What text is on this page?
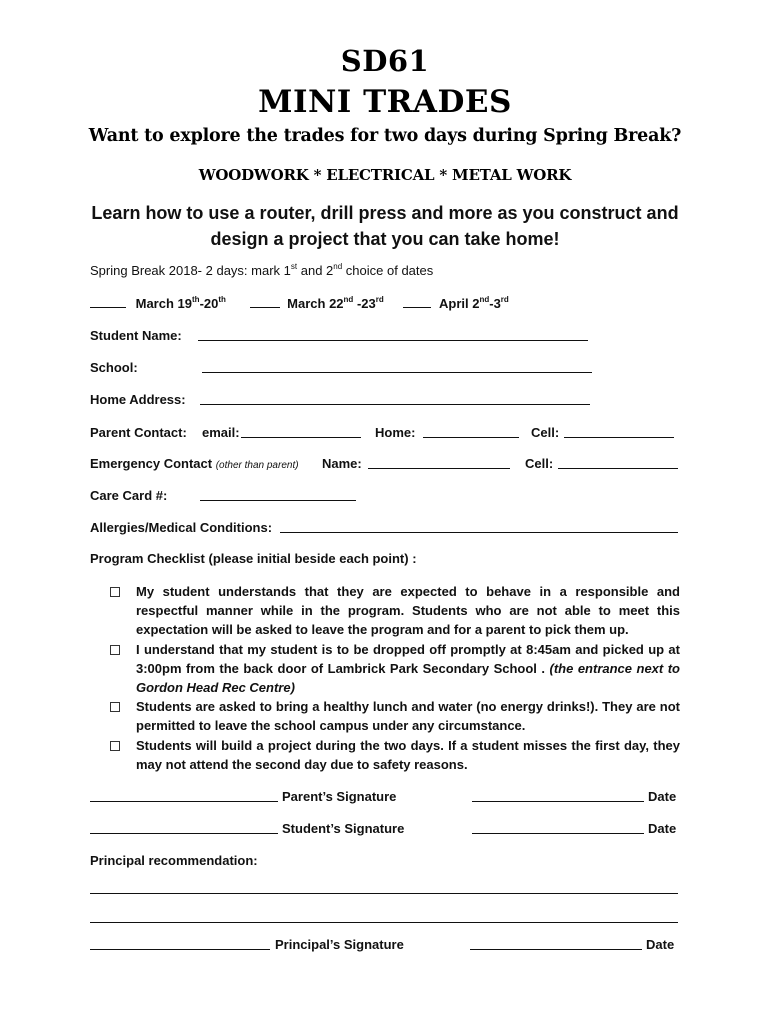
SD61
MINI TRADES
Want to explore the trades for two days during Spring Break?
WOODWORK * ELECTRICAL * METAL WORK
Learn how to use a router, drill press and more as you construct and design a project that you can take home!
Spring Break 2018- 2 days: mark 1st and 2nd choice of dates
March 19th-20th	March 22nd -23rd	April 2nd-3rd
Student Name:
School:
Home Address:
Parent Contact: email:	Home:	Cell:
Emergency Contact (other than parent) Name:	Cell:
Care Card #:
Allergies/Medical Conditions:
Program Checklist (please initial beside each point) :
My student understands that they are expected to behave in a responsible and respectful manner while in the program. Students who are not able to meet this expectation will be asked to leave the program and for a parent to pick them up.
I understand that my student is to be dropped off promptly at 8:45am and picked up at 3:00pm from the back door of Lambrick Park Secondary School . (the entrance next to Gordon Head Rec Centre)
Students are asked to bring a healthy lunch and water (no energy drinks!). They are not permitted to leave the school campus under any circumstance.
Students will build a project during the two days. If a student misses the first day, they may not attend the second day due to safety reasons.
Parent’s Signature	Date
Student’s Signature	Date
Principal recommendation:
Principal’s Signature	Date
